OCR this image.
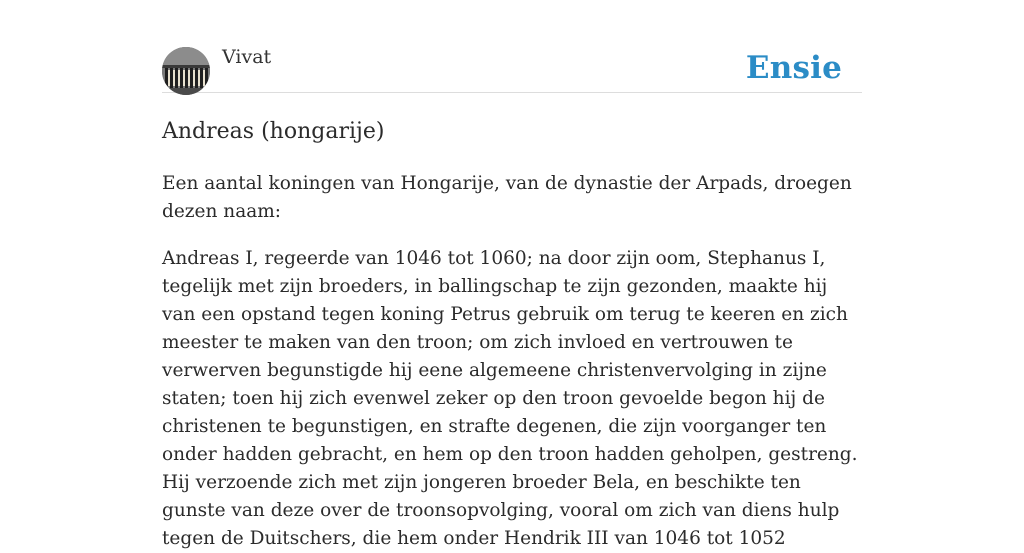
Vivat	Ensie
Andreas (hongarije)

Een aantal koningen van Hongarije, van de dynastie der Arpads, droegen dezen naam:

Andreas I, regeerde van 1046 tot 1060; na door zijn oom, Stephanus I, tegelijk met zijn broeders, in ballingschap te zijn gezonden, maakte hij van een opstand tegen koning Petrus gebruik om terug te keeren en zich meester te maken van den troon; om zich invloed en vertrouwen te verwerven begunstigde hij eene algemeene christenvervolging in zijne staten; toen hij zich evenwel zeker op den troon gevoelde begon hij de christenen te begunstigen, en strafte degenen, die zijn voorganger ten onder hadden gebracht, en hem op den troon hadden geholpen, gestreng. Hij verzoende zich met zijn jongeren broeder Bela, en beschikte ten gunste van deze over de troonsopvolging, vooral om zich van diens hulp tegen de Duitschers, die hem onder Hendrik III van 1046 tot 1052
